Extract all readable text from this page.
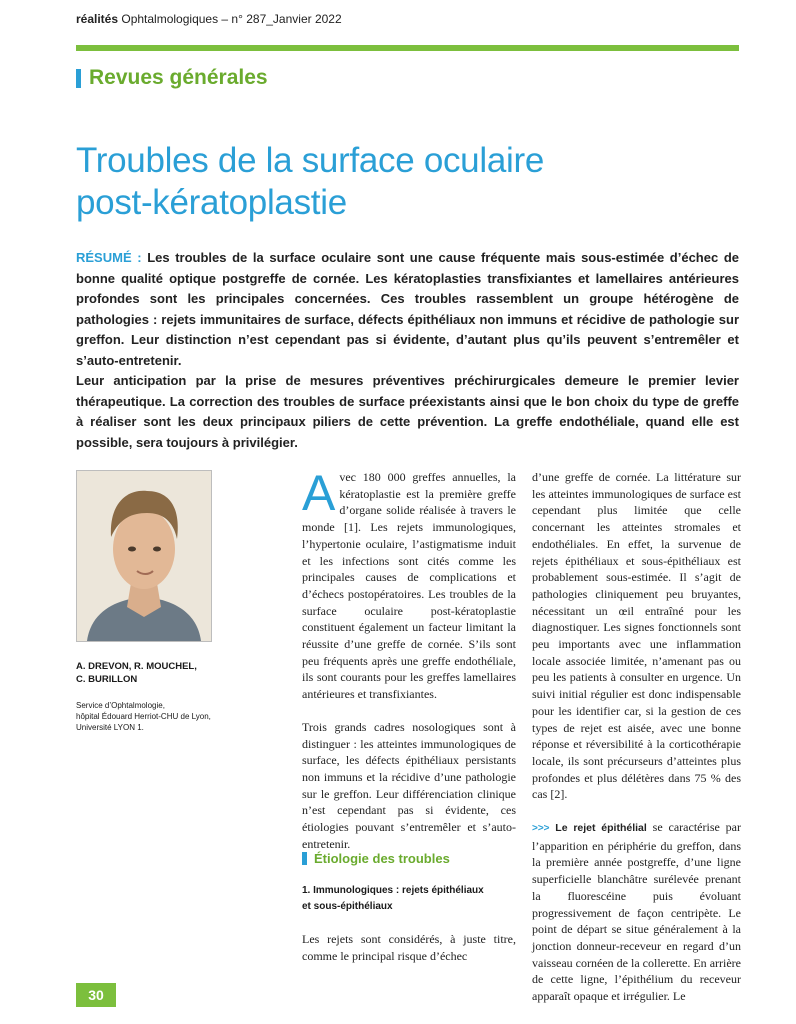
réalités Ophtalmologiques – n° 287_Janvier 2022
Revues générales
Troubles de la surface oculaire
post-kératoplastie

RÉSUMÉ : Les troubles de la surface oculaire sont une cause fréquente mais sous-estimée d’échec de bonne qualité optique postgreffe de cornée. Les kératoplasties transfixiantes et lamellaires antérieures profondes sont les principales concernées. Ces troubles rassemblent un groupe hétérogène de pathologies : rejets immunitaires de surface, défects épithéliaux non immuns et récidive de pathologie sur greffon. Leur distinction n’est cependant pas si évidente, d’autant plus qu’ils peuvent s’entremêler et s’auto-entretenir.

Leur anticipation par la prise de mesures préventives préchirurgicales demeure le premier levier thérapeutique. La correction des troubles de surface préexistants ainsi que le bon choix du type de greffe à réaliser sont les deux principaux piliers de cette prévention. La greffe endothéliale, quand elle est possible, sera toujours à privilégier.

A. DREVON, R. MOUCHEL,
C. BURILLON
Service d’Ophtalmologie,
hôpital Édouard Herriot-CHU de Lyon,
Université LYON 1.
A vec 180 000 greffes annuelles, la kératoplastie est la première greffe d’organe solide réalisée à travers le monde [1]. Les rejets immunologiques, l’hypertonie oculaire, l’astigmatisme induit et les infections sont cités comme les principales causes de complications et d’échecs postopératoires. Les troubles de la surface oculaire post-kératoplastie constituent également un facteur limitant la réussite d’une greffe de cornée. S’ils sont peu fréquents après une greffe endothéliale, ils sont courants pour les greffes lamellaires antérieures et transfixiantes.

Trois grands cadres nosologiques sont à distinguer : les atteintes immunologiques de surface, les défects épithéliaux persistants non immuns et la récidive d’une pathologie sur le greffon. Leur différenciation clinique n’est cependant pas si évidente, ces étiologies pouvant s’entremêler et s’auto-entretenir.

Étiologie des troubles
1. Immunologiques : rejets épithéliaux
et sous-épithéliaux

Les rejets sont considérés, à juste titre, comme le principal risque d’échec

d’une greffe de cornée. La littérature sur les atteintes immunologiques de surface est cependant plus limitée que celle concernant les atteintes stromales et endothéliales. En effet, la survenue de rejets épithéliaux et sous-épithéliaux est probablement sous-estimée. Il s’agit de pathologies cliniquement peu bruyantes, nécessitant un œil entraîné pour les diagnostiquer. Les signes fonctionnels sont peu importants avec une inflammation locale associée limitée, n’amenant pas ou peu les patients à consulter en urgence. Un suivi initial régulier est donc indispensable pour les identifier car, si la gestion de ces types de rejet est aisée, avec une bonne réponse et réversibilité à la corticothérapie locale, ils sont précurseurs d’atteintes plus profondes et plus délétères dans 75 % des cas [2].

>>> Le rejet épithélial se caractérise par l’apparition en périphérie du greffon, dans la première année postgreffe, d’une ligne superficielle blanchâtre surélevée prenant la fluorescéine puis évoluant progressivement de façon centripète. Le point de départ se situe généralement à la jonction donneur-receveur en regard d’un vaisseau cornéen de la collerette. En arrière de cette ligne, l’épithélium du receveur apparaît opaque et irrégulier. Le

30
